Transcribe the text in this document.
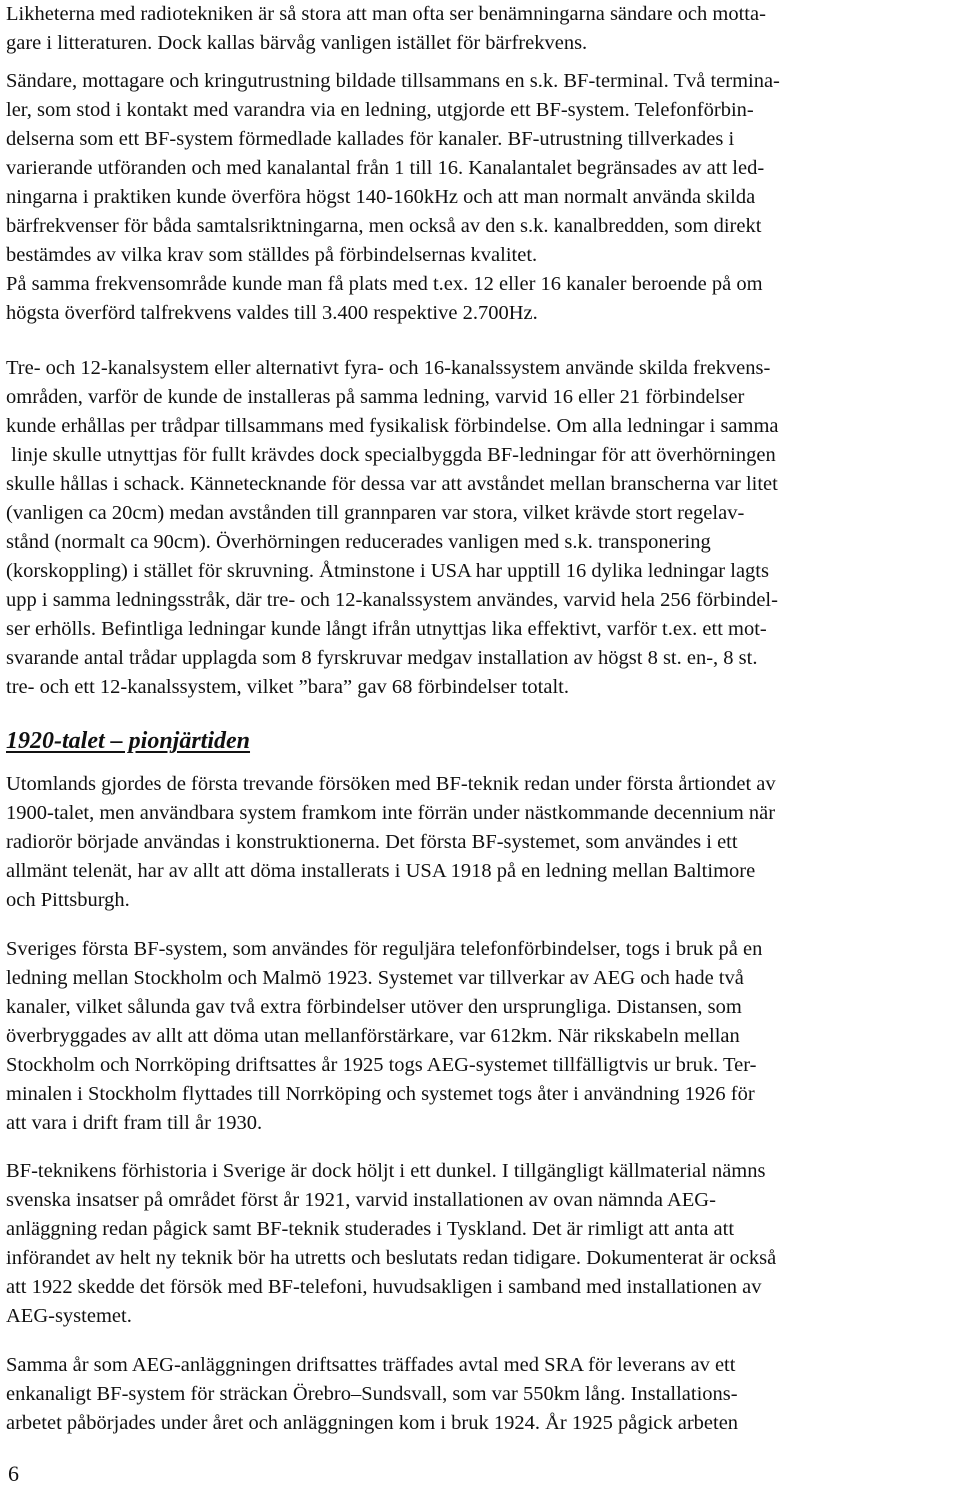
Likheterna med radiotekniken är så stora att man ofta ser benämningarna sändare och motta-
gare i litteraturen. Dock kallas bärvåg vanligen istället för bärfrekvens.
Sändare, mottagare och kringutrustning bildade tillsammans en s.k. BF-terminal. Två termina-
ler, som stod i kontakt med varandra via en ledning, utgjorde ett BF-system. Telefonförbin-
delserna som ett BF-system förmedlade kallades för kanaler. BF-utrustning tillverkades i
varierande utföranden och med kanalantal från 1 till 16. Kanalantalet begränsades av att led-
ningarna i praktiken kunde överföra högst 140-160kHz och att man normalt använda skilda
bärfrekvenser för båda samtalsriktningarna, men också av den s.k. kanalbredden, som direkt
bestämdes av vilka krav som ställdes på förbindelsernas kvalitet.
På samma frekvensområde kunde man få plats med t.ex. 12 eller 16 kanaler beroende på om
högsta överförd talfrekvens valdes till 3.400 respektive 2.700Hz.
Tre- och 12-kanalsystem eller alternativt fyra- och 16-kanalssystem använde skilda frekvens-
områden, varför de kunde de installeras på samma ledning, varvid 16 eller 21 förbindelser
kunde erhållas per trådpar tillsammans med fysikalisk förbindelse. Om alla ledningar i samma
linje skulle utnyttjas för fullt krävdes dock specialbyggda BF-ledningar för att överhörningen
skulle hållas i schack. Kännetecknande för dessa var att avståndet mellan branscherna var litet
(vanligen ca 20cm) medan avstånden till grannparen var stora, vilket krävde stort regelav-
stånd (normalt ca 90cm). Överhörningen reducerades vanligen med s.k. transponering
(korskoppling) i stället för skruvning. Åtminstone i USA har upptill 16 dylika ledningar lagts
upp i samma ledningsstråk, där tre- och 12-kanalssystem användes, varvid hela 256 förbindel-
ser erhölls. Befintliga ledningar kunde långt ifrån utnyttjas lika effektivt, varför t.ex. ett mot-
svarande antal trådar upplagda som 8 fyrskruvar medgav installation av högst 8 st. en-, 8 st.
tre- och ett 12-kanalssystem, vilket ”bara” gav 68 förbindelser totalt.
Utomlands gjordes de första trevande försöken med BF-teknik redan under första årtiondet av
1900-talet, men användbara system framkom inte förrän under nästkommande decennium när
radiorör började användas i konstruktionerna. Det första BF-systemet, som användes i ett
allmänt telenät, har av allt att döma installerats i USA 1918 på en ledning mellan Baltimore
och Pittsburgh.
Sveriges första BF-system, som användes för reguljära telefonförbindelser, togs i bruk på en
ledning mellan Stockholm och Malmö 1923. Systemet var tillverkar av AEG och hade två
kanaler, vilket sålunda gav två extra förbindelser utöver den ursprungliga. Distansen, som
överbryggades av allt att döma utan mellanförstärkare, var 612km. När rikskabeln mellan
Stockholm och Norrköping driftsattes år 1925 togs AEG-systemet tillfälligtvis ur bruk. Ter-
minalen i Stockholm flyttades till Norrköping och systemet togs åter i användning 1926 för
att vara i drift fram till år 1930.
BF-teknikens förhistoria i Sverige är dock höljt i ett dunkel. I tillgängligt källmaterial nämns
svenska insatser på området först år 1921, varvid installationen av ovan nämnda AEG-
anläggning redan pågick samt BF-teknik studerades i Tyskland. Det är rimligt att anta att
införandet av helt ny teknik bör ha utretts och beslutats redan tidigare. Dokumenterat är också
att 1922 skedde det försök med BF-telefoni, huvudsakligen i samband med installationen av
AEG-systemet.
Samma år som AEG-anläggningen driftsattes träffades avtal med SRA för leverans av ett
enkanaligt BF-system för sträckan Örebro–Sundsvall, som var 550km lång. Installations-
arbetet påbörjades under året och anläggningen kom i bruk 1924. År 1925 pågick arbeten
1920-talet – pionjärtiden
6
